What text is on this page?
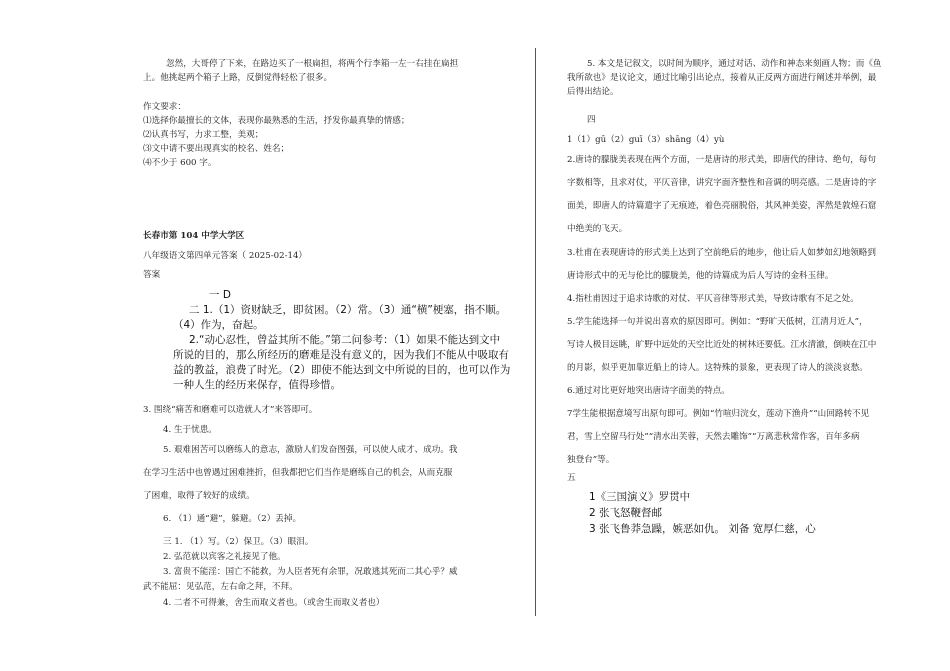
忽然，大哥停了下来，在路边买了一根扁担，将两个行李箱一左一右挂在扁担
上。他挑起两个箱子上路，反倒觉得轻松了很多。
作文要求：
⑴选择你最擅长的文体，表现你最熟悉的生活，抒发你最真挚的情感；
⑵认真书写，力求工整，美观；
⑶文中请不要出现真实的校名、姓名；
⑷不少于 600 字。
长春市第 104 中学大学区
八年级语文第四单元答案（ 2025-02-14）
答案
一 D
二 1.（1）资财缺乏，即贫困。（2）常。（3）通“横”梗塞，指不顺。
（4）作为，奋起。
2.“动心忍性，曾益其所不能。”第二问参考：（1）如果不能达到文中
所说的目的，那么所经历的磨难是没有意义的，因为我们不能从中吸取有
益的教益，浪费了时光。（2）即使不能达到文中所说的目的，也可以作为
一种人生的经历来保存，值得珍惜。
3. 围绕“痛苦和磨难可以造就人才”来答即可。
4. 生于忧患。
5. 艰难困苦可以磨练人的意志，激励人们发奋图强，可以使人成才、成功。我
在学习生活中也曾遇过困难挫折，但我都把它们当作是磨练自己的机会，从而克服
了困难，取得了较好的成绩。
6. （1）通“避”，躲避。（2）丢掉。
三 1. （1）写。（2）保卫。（3）眼泪。
2. 弘范就以宾客之礼接见了他。
3. 富贵不能淫：国亡不能救，为人臣者死有余罪，况敢逃其死而二其心乎？威
武不能屈：见弘范，左右命之拜，不拜。
4. 二者不可得兼，舍生而取义者也。（或舍生而取义者也）
5. 本文是记叙文，以时间为顺序，通过对话、动作和神态来刻画人物；而《鱼
我所欲也》是议论文，通过比喻引出论点，接着从正反两方面进行阐述并举例，最
后得出结论。
四
1（1）gū（2）guī（3）shāng（4）yù
2.唐诗的朦胧美表现在两个方面，一是唐诗的形式美，即唐代的律诗、绝句，每句
字数相等，且求对仗，平仄音律，讲究字面齐整性和音调的明亮感。二是唐诗的字
面美，即唐人的诗篇遣字了无痕迹，着色亮丽脱俗，其风神美姿，浑然是敦煌石窟
中绝美的飞天。
3.杜甫在表现唐诗的形式美上达到了空前绝后的地步，他让后人如梦如幻地领略到
唐诗形式中的无与伦比的朦胧美，他的诗篇成为后人写诗的金科玉律。
4.指杜甫因过于追求诗歌的对仗、平仄音律等形式美，导致诗歌有不足之处。
5.学生能选择一句并说出喜欢的原因即可。例如：“野旷天低树，江清月近人”，
写诗人极目远眺，旷野中远处的天空比近处的树林还要低。江水清澈，倒映在江中
的月影，似乎更加靠近船上的诗人。这特殊的景象，更表现了诗人的淡淡哀愁。
6.通过对比更好地突出唐诗字面美的特点。
7学生能根据意境写出原句即可。例如“竹喧归浣女，莲动下渔舟”“山回路转不见
君，雪上空留马行处”“清水出芙蓉，天然去雕饰”“万离悲秋常作客，百年多病
独登台”等。
五
1《三国演义》罗贯中
2 张飞怒鞭督邮
3 张飞鲁莽急躁，嫉恶如仇。 刘备 宽厚仁慈，心
